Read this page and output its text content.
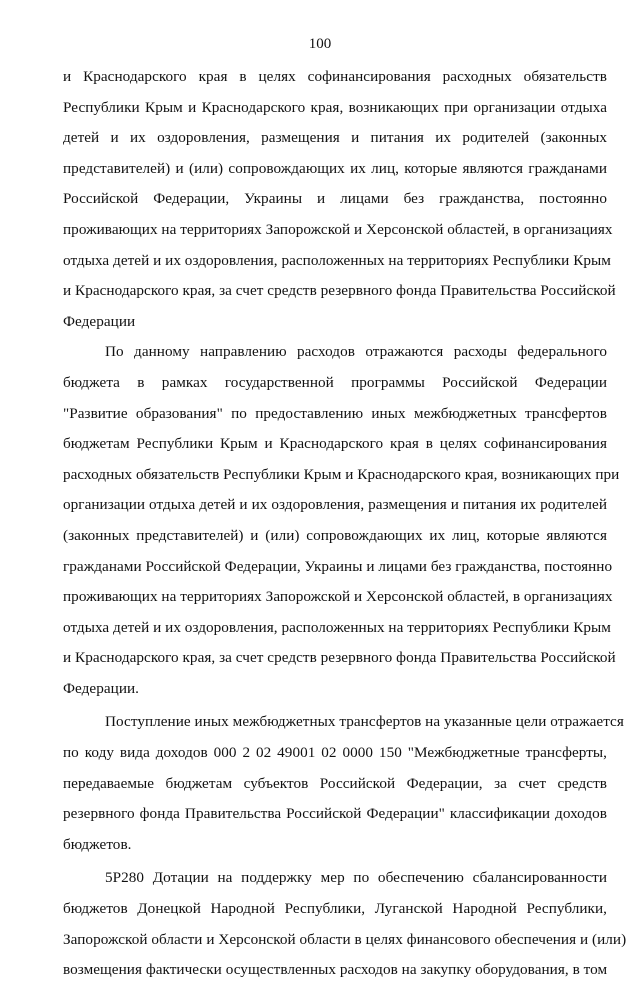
100
и Краснодарского края в целях софинансирования расходных обязательств
Республики Крым и Краснодарского края, возникающих при организации отдыха
детей и их оздоровления, размещения и питания их родителей (законных
представителей) и (или) сопровождающих их лиц, которые являются гражданами
Российской Федерации, Украины и лицами без гражданства, постоянно
проживающих на территориях Запорожской и Херсонской областей, в организациях
отдыха детей и их оздоровления, расположенных на территориях Республики Крым
и Краснодарского края, за счет средств резервного фонда Правительства Российской
Федерации
По данному направлению расходов отражаются расходы федерального
бюджета в рамках государственной программы Российской Федерации
"Развитие образования" по предоставлению иных межбюджетных трансфертов
бюджетам Республики Крым и Краснодарского края в целях софинансирования
расходных обязательств Республики Крым и Краснодарского края, возникающих при
организации отдыха детей и их оздоровления, размещения и питания их родителей
(законных представителей) и (или) сопровождающих их лиц, которые являются
гражданами Российской Федерации, Украины и лицами без гражданства, постоянно
проживающих на территориях Запорожской и Херсонской областей, в организациях
отдыха детей и их оздоровления, расположенных на территориях Республики Крым
и Краснодарского края, за счет средств резервного фонда Правительства Российской
Федерации.
Поступление иных межбюджетных трансфертов на указанные цели отражается
по коду вида доходов 000 2 02 49001 02 0000 150 "Межбюджетные трансферты,
передаваемые бюджетам субъектов Российской Федерации, за счет средств
резервного фонда Правительства Российской Федерации" классификации доходов
бюджетов.
5Р280 Дотации на поддержку мер по обеспечению сбалансированности
бюджетов Донецкой Народной Республики, Луганской Народной Республики,
Запорожской области и Херсонской области в целях финансового обеспечения и (или)
возмещения фактически осуществленных расходов на закупку оборудования, в том
